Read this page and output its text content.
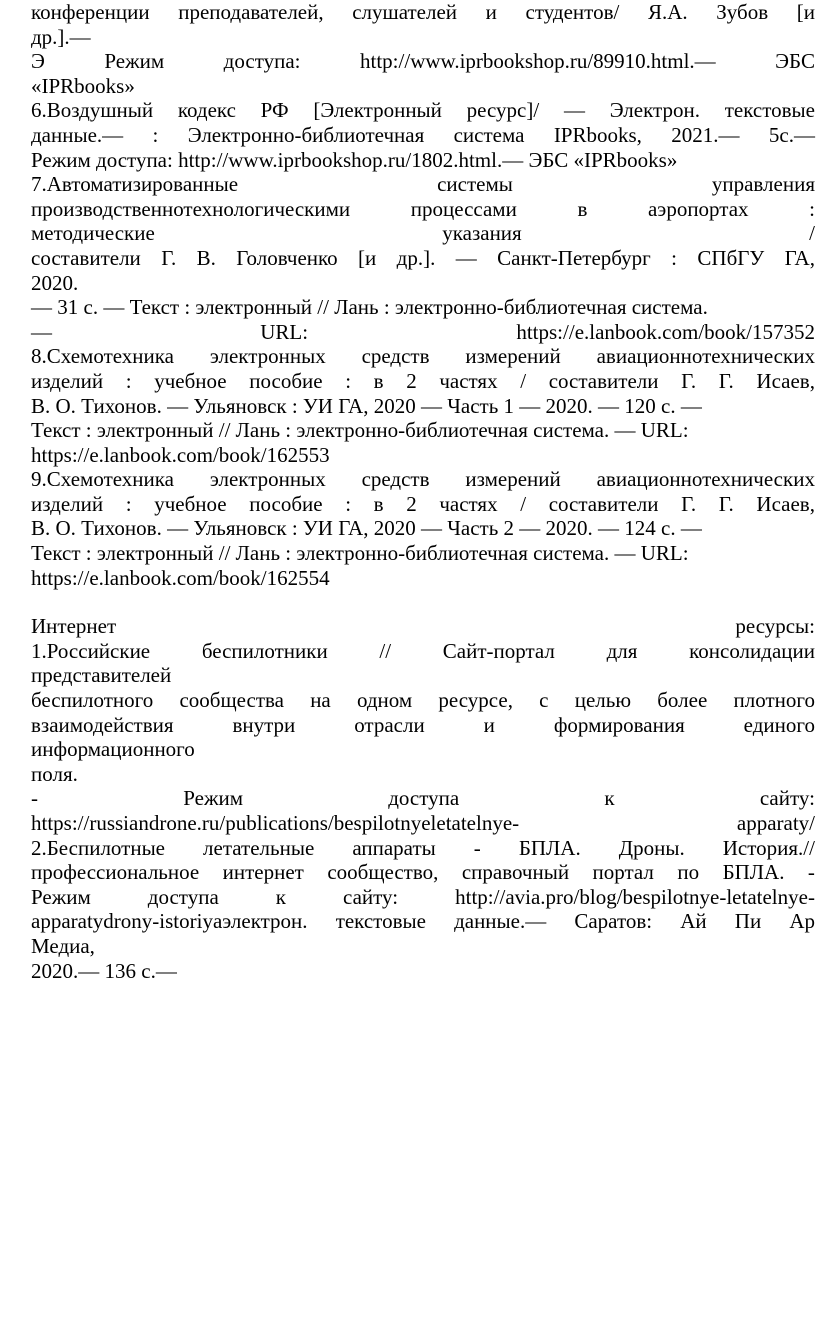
конференции преподавателей, слушателей и студентов/ Я.А. Зубов [и
др.].—
Э	Режим	доступа:	http://www.iprbookshop.ru/89910.html.—	ЭБС
«IPRbooks»
6.Воздушный кодекс РФ [Электронный ресурс]/ — Электрон. текстовые
данные.— : Электронно-библиотечная система IPRbooks, 2021.— 5с.—
Режим доступа: http://www.iprbookshop.ru/1802.html.— ЭБС «IPRbooks»
7.Автоматизированные	системы	управления
производственнотехнологическими	процессами	в	аэропортах	:
методические	указания	/
составители Г. В. Головченко [и др.]. — Санкт-Петербург : СПбГУ ГА,
2020.
— 31 с. — Текст : электронный // Лань : электронно-библиотечная система.
—	URL:	https://e.lanbook.com/book/157352
8.Схемотехника электронных средств измерений авиационнотехнических
изделий : учебное пособие : в 2 частях / составители Г. Г. Исаев,
В. О. Тихонов. — Ульяновск : УИ ГА, 2020 — Часть 1 — 2020. — 120 с. —
Текст : электронный // Лань : электронно-библиотечная система. — URL:
https://e.lanbook.com/book/162553
9.Схемотехника электронных средств измерений авиационнотехнических
изделий : учебное пособие : в 2 частях / составители Г. Г. Исаев,
В. О. Тихонов. — Ульяновск : УИ ГА, 2020 — Часть 2 — 2020. — 124 с. —
Текст : электронный // Лань : электронно-библиотечная система. — URL:
https://e.lanbook.com/book/162554
Интернет	ресурсы:
1.Российские беспилотники // Сайт-портал для консолидации
представителей
беспилотного сообщества на одном ресурсе, с целью более плотного
взаимодействия	внутри	отрасли	и	формирования	единого
информационного
поля.
-	Режим	доступа	к	сайту:
https://russiandrone.ru/publications/bespilotnyeletatelnye-	apparaty/
2.Беспилотные летательные аппараты - БПЛА. Дроны. История.//
профессиональное интернет сообщество, справочный портал по БПЛА. -
Режим	доступа	к	сайту:	http://avia.pro/blog/bespilotnye-letatelnye-
apparatydrony-istoriyaэлектрон. текстовые данные.— Саратов: Ай Пи Ар
Медиа,
2020.— 136 с.—
